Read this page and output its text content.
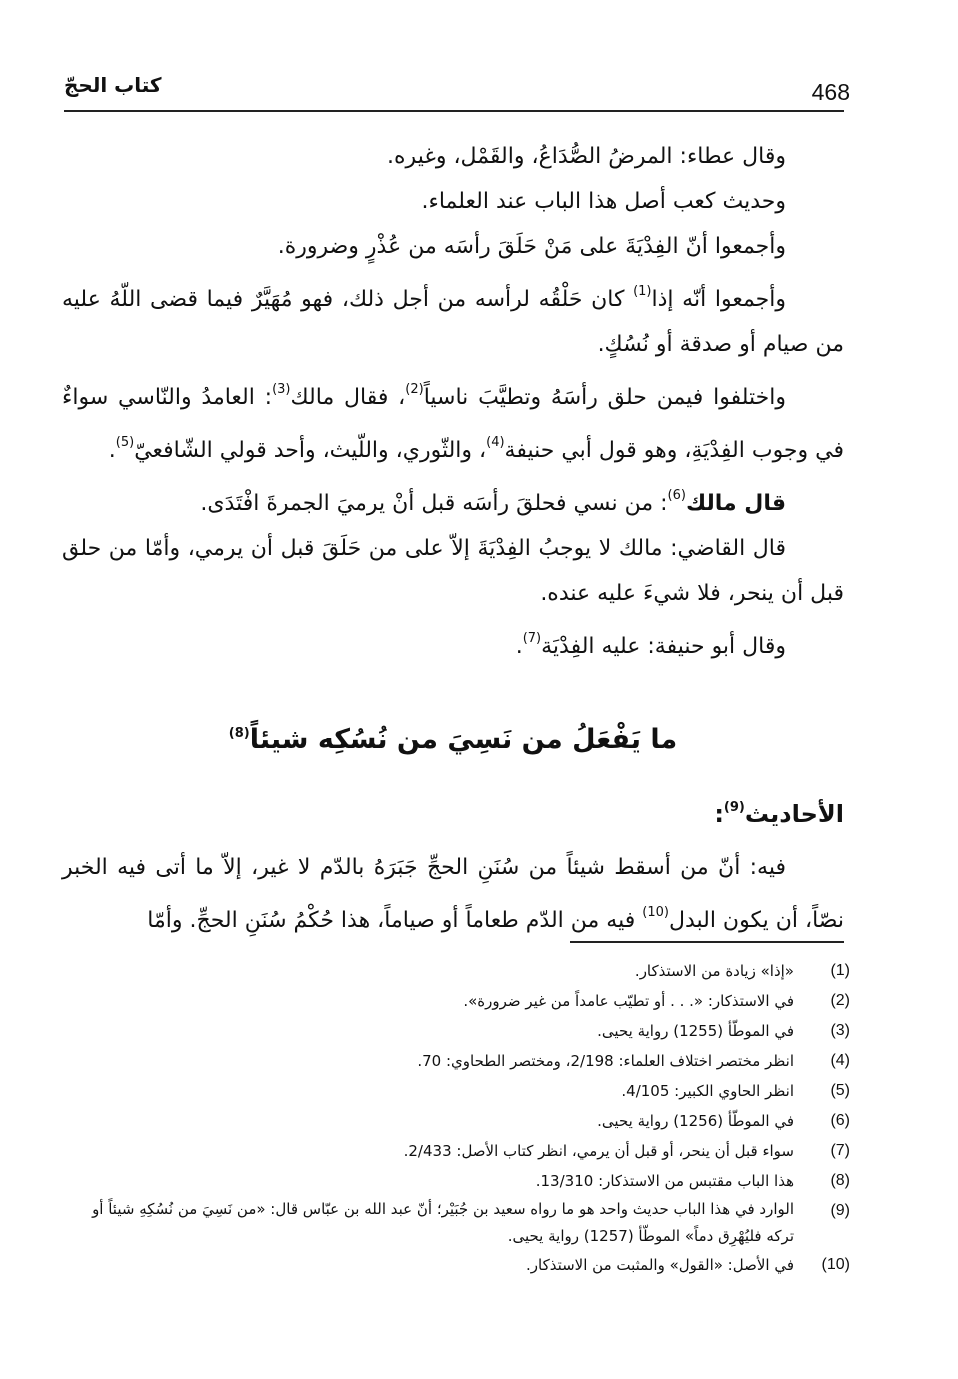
468
كتاب الحجّ

وقال عطاء: المرضُ الصُّدَاعُ، والقَمْل، وغيره.

وحديث كعب أصل هذا الباب عند العلماء.

وأجمعوا أنّ الفِدْيَةَ على مَنْ حَلَقَ رأسَه من عُذْرٍ وضرورة.

وأجمعوا أنّه إذا$^{(1)}$ كان حَلْقُه لرأسه من أجل ذلك، فهو مُهَيَّرٌ فيما قضى اللّهُ عليه من صيام أو صدقة أو نُسُكٍ.

واختلفوا فيمن حلق رأسَهُ وتطيَّبَ ناسياً$^{(2)}$، فقال مالك$^{(3)}$: العامدُ والنّاسي سواءٌ في وجوب الفِدْيَةِ، وهو قول أبي حنيفة$^{(4)}$، والثّوري، واللّيث، وأحد قولي الشّافعيّ$^{(5)}$.

قال مالك$^{(6)}$: من نسي فحلقَ رأسَه قبل أنْ يرميَ الجمرةَ افْتَدَى.

قال القاضي: مالك لا يوجبُ الفِدْيَةَ إلاّ على من حَلَقَ قبل أن يرمي، وأمّا من حلق قبل أن ينحر، فلا شيءَ عليه عنده.

وقال أبو حنيفة: عليه الفِدْيَة$^{(7)}$.

ما يَفْعَلُ من نَسِيَ من نُسُكِه شيئاً$^{(8)}$
الأحاديث$^{(9)}$:

فيه: أنّ من أسقط شيئاً من سُنَنِ الحجِّ جَبَرَهُ بالدّم لا غير، إلاّ ما أتى فيه الخبر نصّاً، أن يكون البدل$^{(10)}$ فيه من الدّم طعاماً أو صياماً، هذا حُكْمُ سُنَنِ الحجِّ. وأمّا

(1)
«إذا» زيادة من الاستذكار.
(2)
في الاستذكار: «. . . أو تطيّب عامداً من غير ضرورة».
(3)
في الموطّأ (1255) رواية يحيى.
(4)
انظر مختصر اختلاف العلماء: 2/198، ومختصر الطحاوي: 70.
(5)
انظر الحاوي الكبير: 4/105.
(6)
في الموطّأ (1256) رواية يحيى.
(7)
سواء قبل أن ينحر، أو قبل أن يرمي، انظر كتاب الأصل: 2/433.
(8)
هذا الباب مقتبس من الاستذكار: 13/310.
(9)
الوارد في هذا الباب حديث واحد هو ما رواه سعيد بن جُبَيْر؛ أنّ عبد الله بن عبّاس قال: «من نَسِيَ من نُسُكِهِ شيئاً أو تركه فليُهْرِق دماً» الموطّأ (1257) رواية يحيى.
(10)
في الأصل: «القول» والمثبت من الاستذكار.
